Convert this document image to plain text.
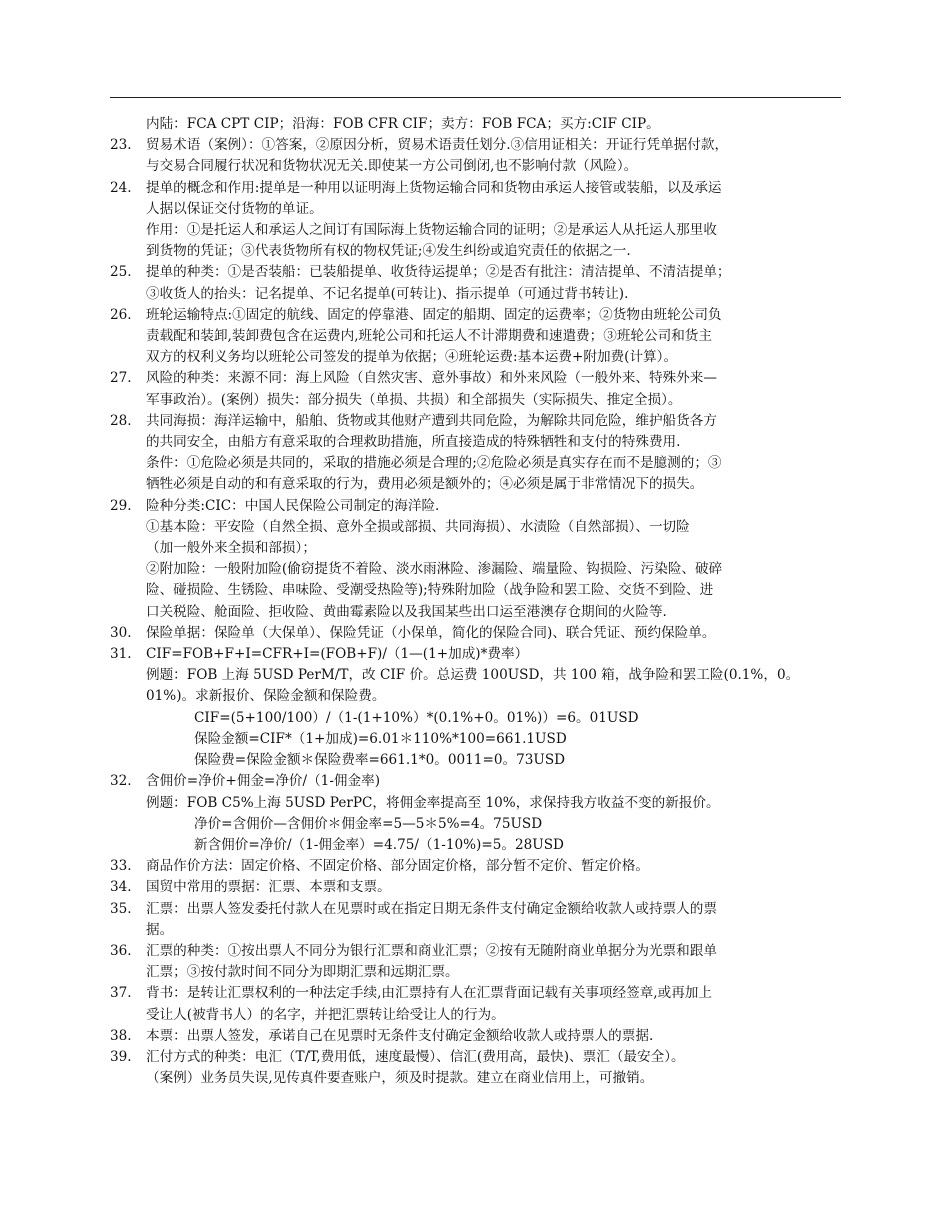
内陆：FCA CPT CIP；沿海：FOB CFR CIF；卖方：FOB FCA；买方:CIF CIP。
23. 贸易术语（案例）：①答案，②原因分析，贸易术语责任划分.③信用证相关：开证行凭单据付款，
与交易合同履行状况和货物状况无关.即使某一方公司倒闭,也不影响付款（风险）。
24. 提单的概念和作用:提单是一种用以证明海上货物运输合同和货物由承运人接管或装船，以及承运
人据以保证交付货物的单证。
作用：①是托运人和承运人之间订有国际海上货物运输合同的证明；②是承运人从托运人那里收
到货物的凭证；③代表货物所有权的物权凭证;④发生纠纷或追究责任的依据之一.
25. 提单的种类：①是否装船：已装船提单、收货待运提单；②是否有批注：清洁提单、不清洁提单；
③收货人的抬头：记名提单、不记名提单(可转让)、指示提单（可通过背书转让).
26. 班轮运输特点:①固定的航线、固定的停靠港、固定的船期、固定的运费率；②货物由班轮公司负
责载配和装卸,装卸费包含在运费内,班轮公司和托运人不计滞期费和速遣费；③班轮公司和货主
双方的权利义务均以班轮公司签发的提单为依据；④班轮运费:基本运费+附加费(计算）。
27. 风险的种类：来源不同：海上风险（自然灾害、意外事故）和外来风险（一般外来、特殊外来—
军事政治）。(案例）损失：部分损失（单损、共损）和全部损失（实际损失、推定全损）。
28. 共同海损：海洋运输中，船舶、货物或其他财产遭到共同危险，为解除共同危险，维护船货各方
的共同安全，由船方有意采取的合理救助措施，所直接造成的特殊牺牲和支付的特殊费用.
条件：①危险必须是共同的，采取的措施必须是合理的;②危险必须是真实存在而不是臆测的；③
牺牲必须是自动的和有意采取的行为，费用必须是额外的；④必须是属于非常情况下的损失。
29. 险种分类:CIC：中国人民保险公司制定的海洋险.
①基本险：平安险（自然全损、意外全损或部损、共同海损）、水渍险（自然部损）、一切险
（加一般外来全损和部损）；
②附加险：一般附加险(偷窃提货不着险、淡水雨淋险、渗漏险、端量险、钩损险、污染险、破碎
险、碰损险、生锈险、串味险、受潮受热险等);特殊附加险（战争险和罢工险、交货不到险、进
口关税险、舱面险、拒收险、黄曲霉素险以及我国某些出口运至港澳存仓期间的火险等.
30. 保险单据：保险单（大保单）、保险凭证（小保单，简化的保险合同)、联合凭证、预约保险单。
31. CIF=FOB+F+I=CFR+I=(FOB+F)/（1—(1+加成)*费率）
例题：FOB 上海 5USD PerM/T，改 CIF 价。总运费 100USD，共 100 箱，战争险和罢工险(0.1%，0。
01%)。求新报价、保险金额和保险费。
CIF=(5+100/100）/（1-(1+10%）*(0.1%+0。01%)）=6。01USD
保险金额=CIF*（1+加成)=6.01＊110%*100=661.1USD
保险费=保险金额＊保险费率=661.1*0。0011=0。73USD
32. 含佣价=净价+佣金=净价/（1-佣金率)
例题：FOB C5%上海 5USD PerPC，将佣金率提高至 10%，求保持我方收益不变的新报价。
净价=含佣价—含佣价＊佣金率=5—5＊5%=4。75USD
新含佣价=净价/（1-佣金率）=4.75/（1-10%)=5。28USD
33. 商品作价方法：固定价格、不固定价格、部分固定价格，部分暂不定价、暂定价格。
34. 国贸中常用的票据：汇票、本票和支票。
35. 汇票：出票人签发委托付款人在见票时或在指定日期无条件支付确定金额给收款人或持票人的票
据。
36. 汇票的种类：①按出票人不同分为银行汇票和商业汇票；②按有无随附商业单据分为光票和跟单
汇票；③按付款时间不同分为即期汇票和远期汇票。
37. 背书：是转让汇票权利的一种法定手续,由汇票持有人在汇票背面记载有关事项经签章,或再加上
受让人(被背书人）的名字，并把汇票转让给受让人的行为。
38. 本票：出票人签发，承诺自己在见票时无条件支付确定金额给收款人或持票人的票据.
39. 汇付方式的种类：电汇（T/T,费用低，速度最慢）、信汇(费用高，最快)、票汇（最安全）。
（案例）业务员失误,见传真件要查账户，须及时提款。建立在商业信用上，可撤销。
